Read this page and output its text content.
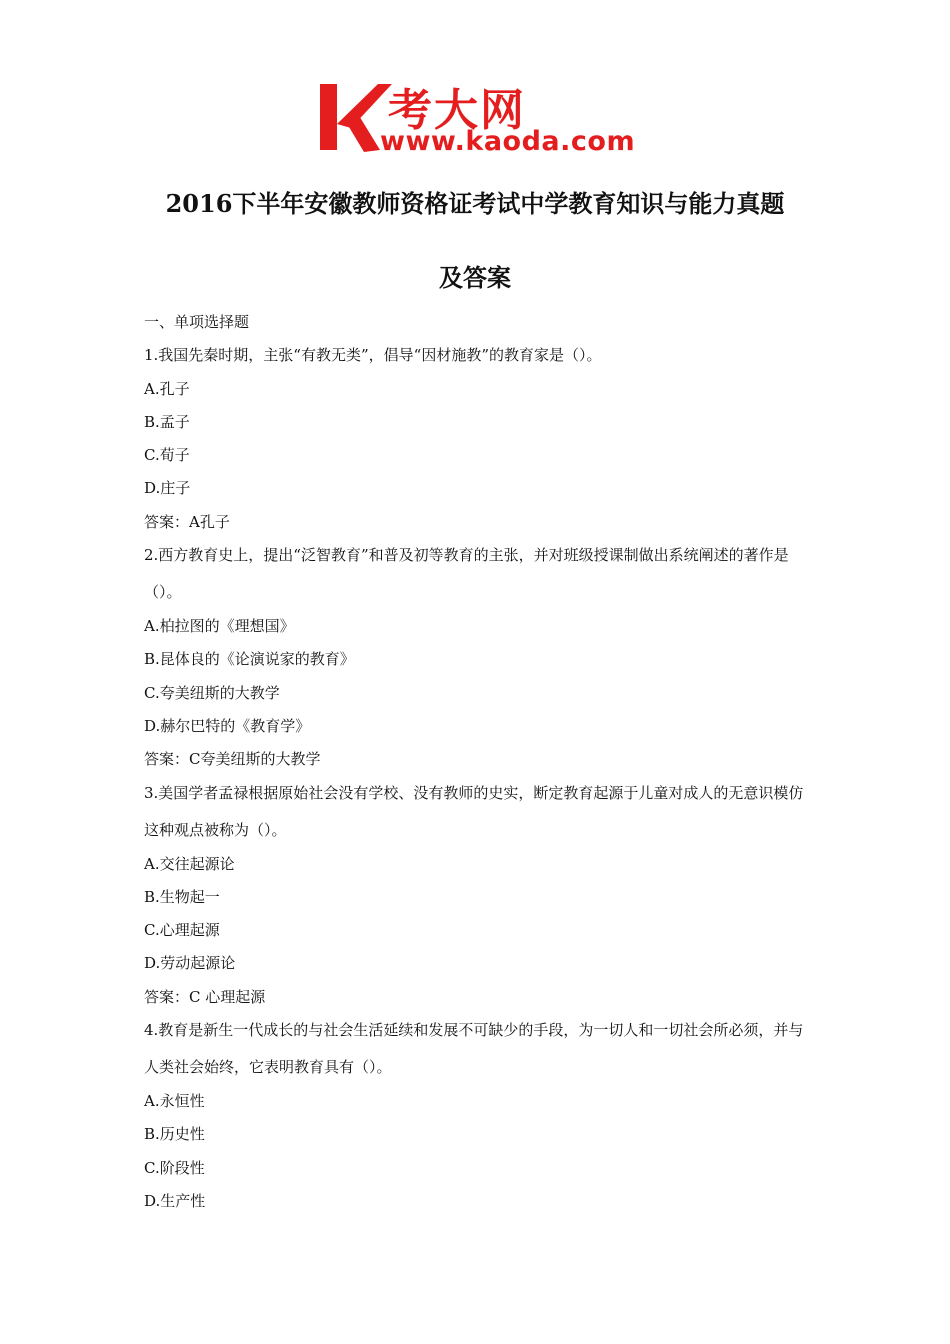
考大网
www.kaoda.com
2016下半年安徽教师资格证考试中学教育知识与能力真题
及答案
一、单项选择题
1.我国先秦时期，主张“有教无类”，倡导“因材施教”的教育家是（）。
A.孔子
B.孟子
C.荀子
D.庄子
答案：A孔子
2.西方教育史上，提出“泛智教育”和普及初等教育的主张，并对班级授课制做出系统阐述的著作是（）。
A.柏拉图的《理想国》
B.昆体良的《论演说家的教育》
C.夸美纽斯的大教学
D.赫尔巴特的《教育学》
答案：C夸美纽斯的大教学
3.美国学者孟禄根据原始社会没有学校、没有教师的史实，断定教育起源于儿童对成人的无意识模仿这种观点被称为（）。
A.交往起源论
B.生物起一
C.心理起源
D.劳动起源论
答案：C 心理起源
4.教育是新生一代成长的与社会生活延续和发展不可缺少的手段，为一切人和一切社会所必须，并与人类社会始终，它表明教育具有（）。
A.永恒性
B.历史性
C.阶段性
D.生产性
